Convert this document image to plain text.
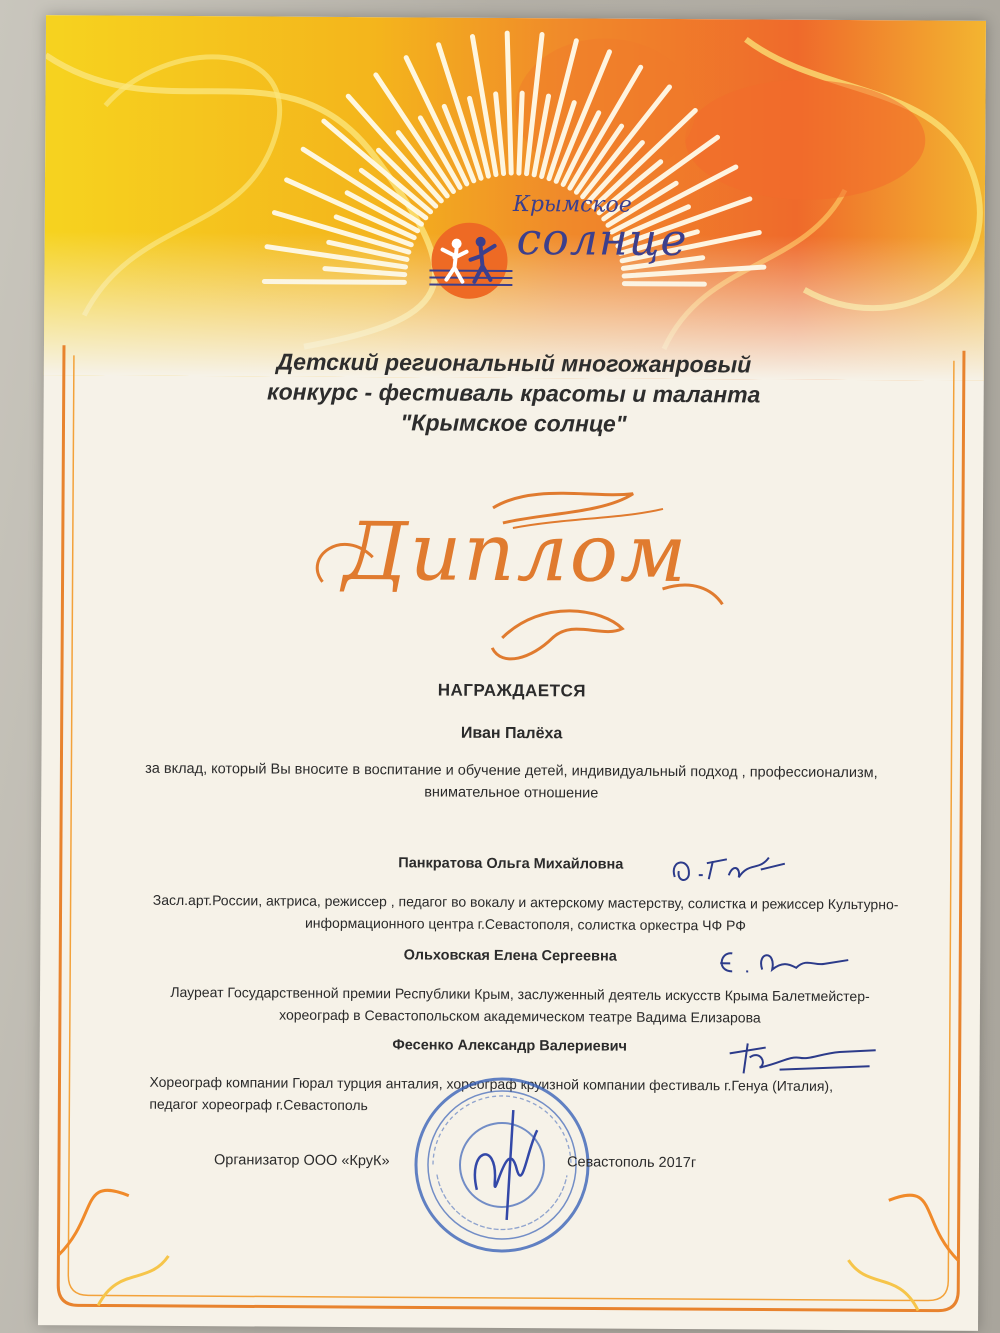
Крымское
солнце
Детский региональный многожанровый
конкурс - фестиваль красоты и таланта
"Крымское солнце"
Диплом
НАГРАЖДАЕТСЯ
Иван Палёха
за вклад, который Вы вносите в воспитание и обучение детей, индивидуальный подход , профессионализм, внимательное отношение
Панкратова Ольга Михайловна
Засл.арт.России, актриса, режиссер , педагог во вокалу и актерскому мастерству, солистка и режиссер Культурно-информационного центра г.Севастополя, солистка оркестра ЧФ РФ
Ольховская Елена Сергеевна
Лауреат Государственной премии Республики Крым, заслуженный деятель искусств Крыма Балетмейстер-хореограф в Севастопольском академическом театре Вадима Елизарова
Фесенко Александр Валериевич
Хореограф компании Гюрал турция анталия, хореограф круизной компании фестиваль г.Генуа (Италия), педагог хореограф г.Севастополь
Организатор ООО «КруК»	Севастополь 2017г
